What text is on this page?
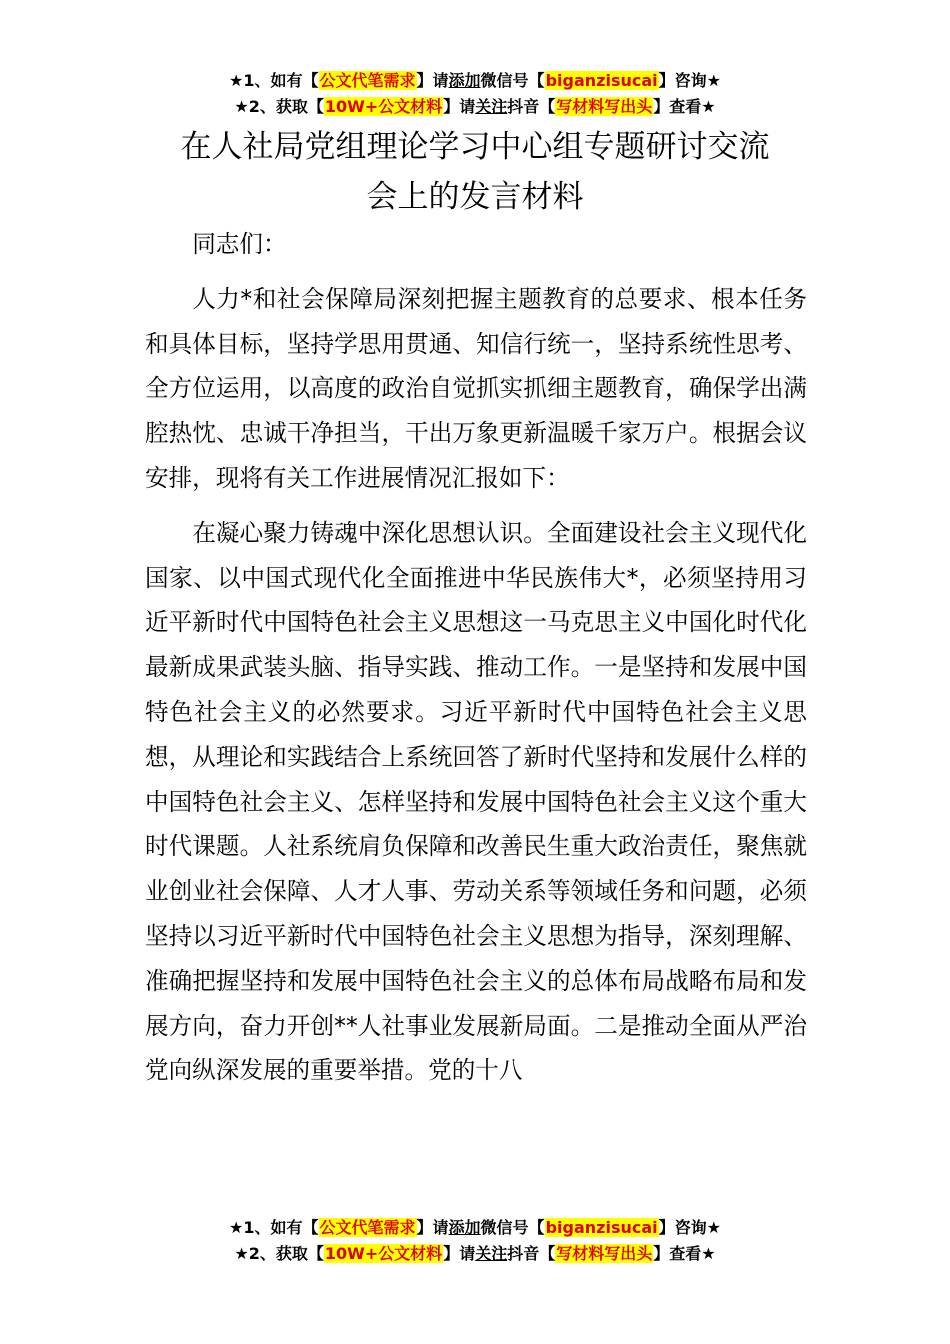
★1、如有【公文代笔需求】请添加微信号【biganzisucai】咨询★
★2、获取【10W+公文材料】请关注抖音【写材料写出头】查看★
在人社局党组理论学习中心组专题研讨交流
会上的发言材料

同志们：

人力*和社会保障局深刻把握主题教育的总要求、根本任务和具体目标，坚持学思用贯通、知信行统一，坚持系统性思考、全方位运用，以高度的政治自觉抓实抓细主题教育，确保学出满腔热忱、忠诚干净担当，干出万象更新温暖千家万户。根据会议安排，现将有关工作进展情况汇报如下：

在凝心聚力铸魂中深化思想认识。全面建设社会主义现代化国家、以中国式现代化全面推进中华民族伟大*，必须坚持用习近平新时代中国特色社会主义思想这一马克思主义中国化时代化最新成果武装头脑、指导实践、推动工作。一是坚持和发展中国特色社会主义的必然要求。习近平新时代中国特色社会主义思想，从理论和实践结合上系统回答了新时代坚持和发展什么样的中国特色社会主义、怎样坚持和发展中国特色社会主义这个重大时代课题。人社系统肩负保障和改善民生重大政治责任，聚焦就业创业社会保障、人才人事、劳动关系等领域任务和问题，必须坚持以习近平新时代中国特色社会主义思想为指导，深刻理解、准确把握坚持和发展中国特色社会主义的总体布局战略布局和发展方向，奋力开创**人社事业发展新局面。二是推动全面从严治党向纵深发展的重要举措。党的十八

★1、如有【公文代笔需求】请添加微信号【biganzisucai】咨询★
★2、获取【10W+公文材料】请关注抖音【写材料写出头】查看★
